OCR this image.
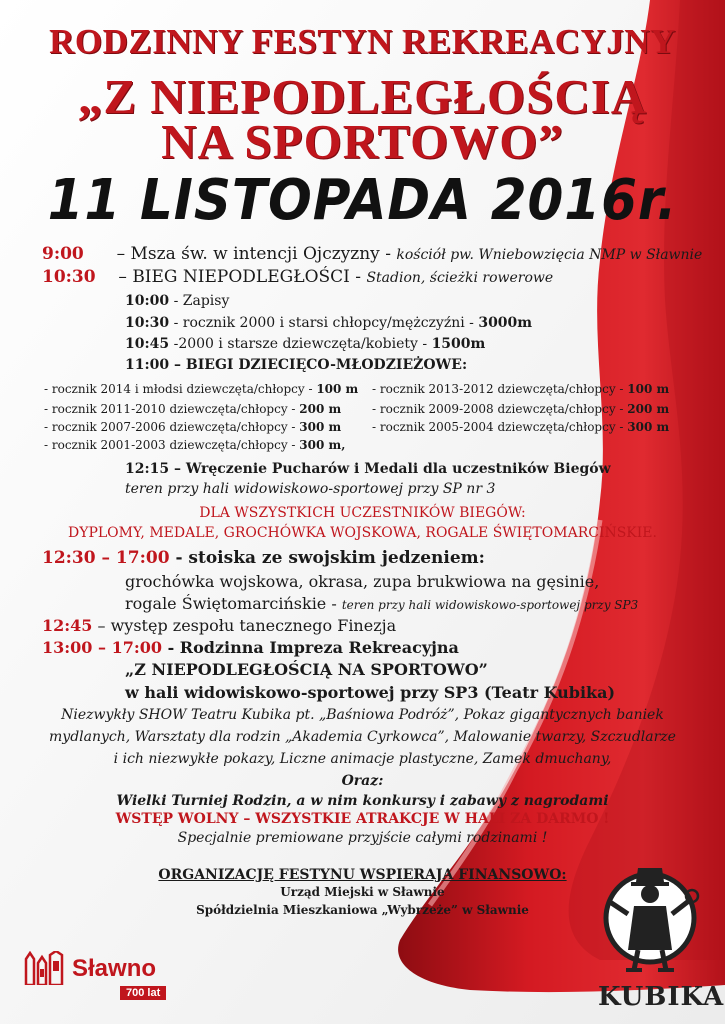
RODZINNY FESTYN REKREACYJNY
„Z NIEPODLEGŁOŚCIĄ
NA SPORTOWO”
11 LISTOPADA 2016r.
9:00 – Msza św. w intencji Ojczyzny - kościół pw. Wniebowzięcia NMP w Sławnie
10:30 – BIEG NIEPODLEGŁOŚCI - Stadion, ścieżki rowerowe
10:00 - Zapisy
10:30 - rocznik 2000 i starsi chłopcy/mężczyźni - 3000m
10:45 -2000 i starsze dziewczęta/kobiety - 1500m
11:00 – BIEGI DZIECIĘCO-MŁODZIEŻOWE:
- rocznik 2014 i młodsi dziewczęta/chłopcy - 100 m
- rocznik 2011-2010 dziewczęta/chłopcy - 200 m
- rocznik 2007-2006 dziewczęta/chłopcy - 300 m
- rocznik 2001-2003 dziewczęta/chłopcy - 300 m,
- rocznik 2013-2012 dziewczęta/chłopcy - 100 m
- rocznik 2009-2008 dziewczęta/chłopcy - 200 m
- rocznik 2005-2004 dziewczęta/chłopcy - 300 m
12:15 – Wręczenie Pucharów i Medali dla uczestników Biegów
teren przy hali widowiskowo-sportowej przy SP nr 3
DLA WSZYSTKICH UCZESTNIKÓW BIEGÓW:
DYPLOMY, MEDALE, GROCHÓWKA WOJSKOWA, ROGALE ŚWIĘTOMARCIŃSKIE.
12:30 – 17:00 - stoiska ze swojskim jedzeniem:
grochówka wojskowa, okrasa, zupa brukwiowa na gęsinie,
rogale Świętomarcińskie - teren przy hali widowiskowo-sportowej przy SP3
12:45 – występ zespołu tanecznego Finezja
13:00 – 17:00 - Rodzinna Impreza Rekreacyjna
„Z NIEPODLEGŁOŚCIĄ NA SPORTOWO”
w hali widowiskowo-sportowej przy SP3 (Teatr Kubika)
Niezwykły SHOW Teatru Kubika pt. „Baśniowa Podróż”, Pokaz gigantycznych baniek
mydlanych, Warsztaty dla rodzin „Akademia Cyrkowca”, Malowanie twarzy, Szczudlarze
i ich niezwykłe pokazy, Liczne animacje plastyczne, Zamek dmuchany,
Oraz:
Wielki Turniej Rodzin, a w nim konkursy i zabawy z nagrodami
WSTĘP WOLNY – WSZYSTKIE ATRAKCJE W HALI ZA DARMO !
Specjalnie premiowane przyjście całymi rodzinami !
ORGANIZACJĘ FESTYNU WSPIERAJA FINANSOWO:
Urząd Miejski w Sławnie
Spółdzielnia Mieszkaniowa „Wybrzeże” w Sławnie
Sławno
700 lat	KUBIKA
